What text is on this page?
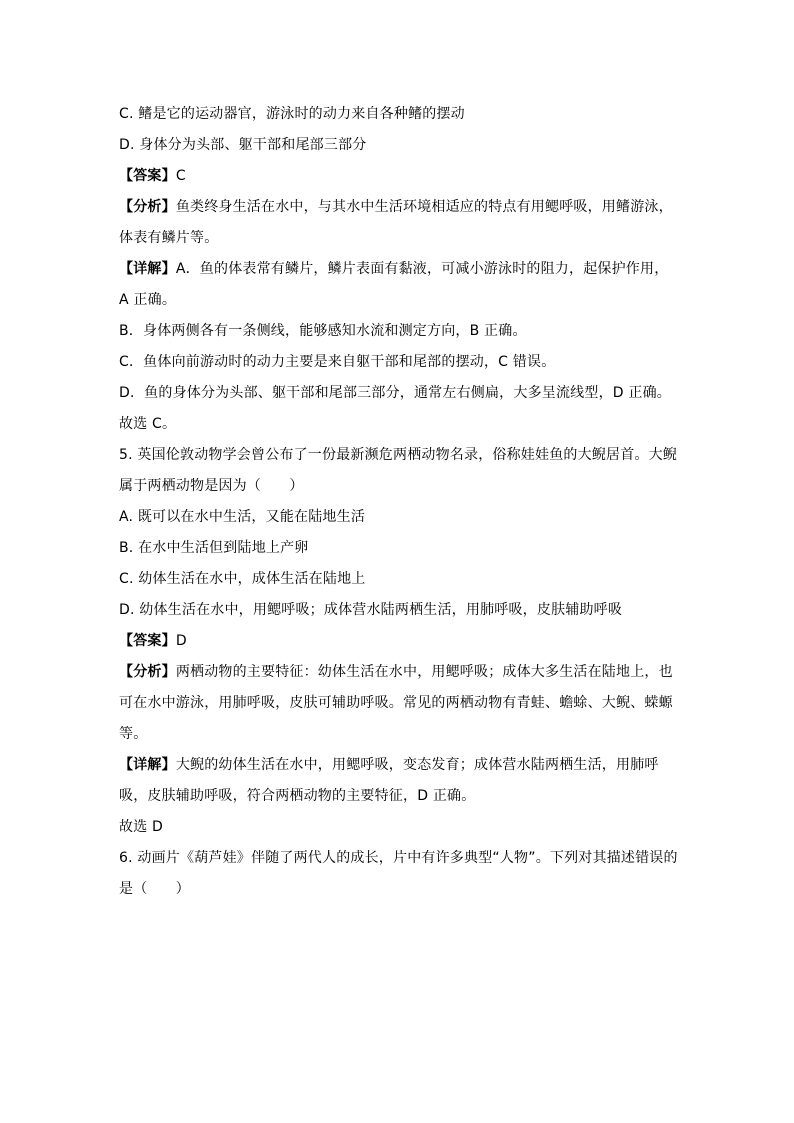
C. 鳍是它的运动器官，游泳时的动力来自各种鳍的摆动
D. 身体分为头部、躯干部和尾部三部分
【答案】C
【分析】鱼类终身生活在水中，与其水中生活环境相适应的特点有用鳃呼吸，用鳍游泳，
体表有鳞片等。
【详解】A．鱼的体表常有鳞片，鳞片表面有黏液，可减小游泳时的阻力，起保护作用，
A 正确。
B．身体两侧各有一条侧线，能够感知水流和测定方向，B 正确。
C．鱼体向前游动时的动力主要是来自躯干部和尾部的摆动，C 错误。
D．鱼的身体分为头部、躯干部和尾部三部分，通常左右侧扁，大多呈流线型，D 正确。
故选 C。
5. 英国伦敦动物学会曾公布了一份最新濒危两栖动物名录，俗称娃娃鱼的大鲵居首。大鲵
属于两栖动物是因为（　　）
A. 既可以在水中生活，又能在陆地生活
B. 在水中生活但到陆地上产卵
C. 幼体生活在水中，成体生活在陆地上
D. 幼体生活在水中，用鳃呼吸；成体营水陆两栖生活，用肺呼吸，皮肤辅助呼吸
【答案】D
【分析】两栖动物的主要特征：幼体生活在水中，用鳃呼吸；成体大多生活在陆地上，也
可在水中游泳，用肺呼吸，皮肤可辅助呼吸。常见的两栖动物有青蛙、蟾蜍、大鲵、蝾螈
等。
【详解】大鲵的幼体生活在水中，用鳃呼吸，变态发育；成体营水陆两栖生活，用肺呼
吸，皮肤辅助呼吸，符合两栖动物的主要特征，D 正确。
故选 D
6. 动画片《葫芦娃》伴随了两代人的成长，片中有许多典型“人物”。下列对其描述错误的
是（　　）
